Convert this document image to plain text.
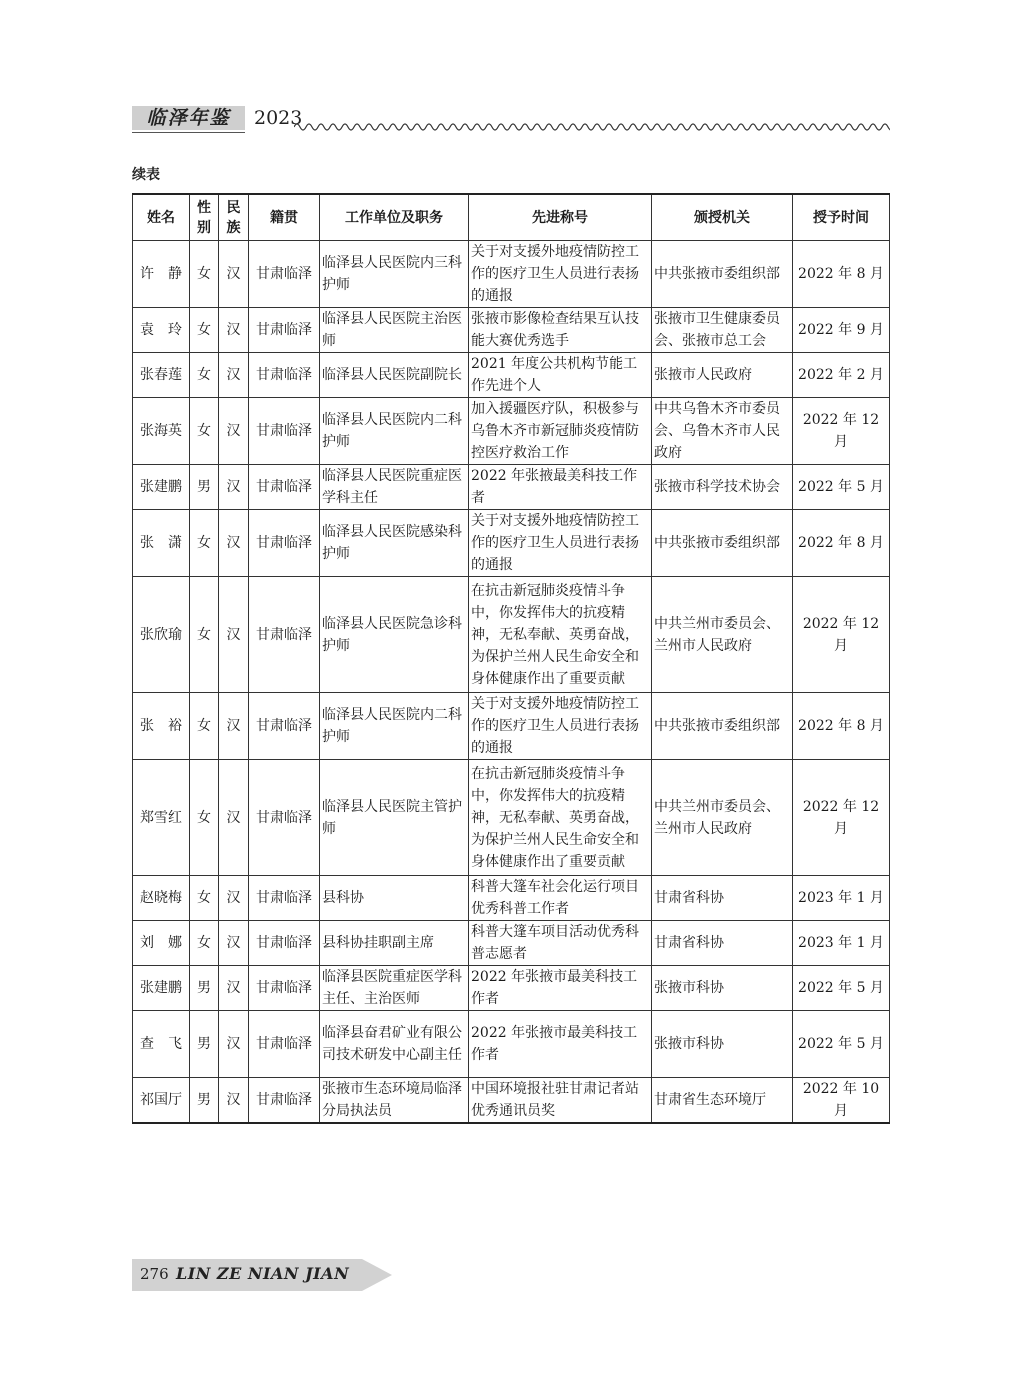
临泽年鉴	2023
续表
姓名	性别	民族	籍贯	工作单位及职务	先进称号	颁授机关	授予时间
许　静	女	汉	甘肃临泽	临泽县人民医院内三科护师	关于对支援外地疫情防控工作的医疗卫生人员进行表扬的通报	中共张掖市委组织部	2022 年 8 月
袁　玲	女	汉	甘肃临泽	临泽县人民医院主治医师	张掖市影像检查结果互认技能大赛优秀选手	张掖市卫生健康委员会、张掖市总工会	2022 年 9 月
张春莲	女	汉	甘肃临泽	临泽县人民医院副院长	2021 年度公共机构节能工作先进个人	张掖市人民政府	2022 年 2 月
张海英	女	汉	甘肃临泽	临泽县人民医院内二科护师	加入援疆医疗队，积极参与乌鲁木齐市新冠肺炎疫情防控医疗救治工作	中共乌鲁木齐市委员会、乌鲁木齐市人民政府	2022 年 12 月
张建鹏	男	汉	甘肃临泽	临泽县人民医院重症医学科主任	2022 年张掖最美科技工作者	张掖市科学技术协会	2022 年 5 月
张　潇	女	汉	甘肃临泽	临泽县人民医院感染科护师	关于对支援外地疫情防控工作的医疗卫生人员进行表扬的通报	中共张掖市委组织部	2022 年 8 月
张欣瑜	女	汉	甘肃临泽	临泽县人民医院急诊科护师	在抗击新冠肺炎疫情斗争中，你发挥伟大的抗疫精神，无私奉献、英勇奋战，为保护兰州人民生命安全和身体健康作出了重要贡献	中共兰州市委员会、兰州市人民政府	2022 年 12 月
张　裕	女	汉	甘肃临泽	临泽县人民医院内二科护师	关于对支援外地疫情防控工作的医疗卫生人员进行表扬的通报	中共张掖市委组织部	2022 年 8 月
郑雪红	女	汉	甘肃临泽	临泽县人民医院主管护师	在抗击新冠肺炎疫情斗争中，你发挥伟大的抗疫精神，无私奉献、英勇奋战，为保护兰州人民生命安全和身体健康作出了重要贡献	中共兰州市委员会、兰州市人民政府	2022 年 12 月
赵晓梅	女	汉	甘肃临泽	县科协	科普大篷车社会化运行项目优秀科普工作者	甘肃省科协	2023 年 1 月
刘　娜	女	汉	甘肃临泽	县科协挂职副主席	科普大篷车项目活动优秀科普志愿者	甘肃省科协	2023 年 1 月
张建鹏	男	汉	甘肃临泽	临泽县医院重症医学科主任、主治医师	2022 年张掖市最美科技工作者	张掖市科协	2022 年 5 月
查　飞	男	汉	甘肃临泽	临泽县奋君矿业有限公司技术研发中心副主任	2022 年张掖市最美科技工作者	张掖市科协	2022 年 5 月
祁国厅	男	汉	甘肃临泽	张掖市生态环境局临泽分局执法员	中国环境报社驻甘肃记者站优秀通讯员奖	甘肃省生态环境厅	2022 年 10 月
276 LIN ZE NIAN JIAN
